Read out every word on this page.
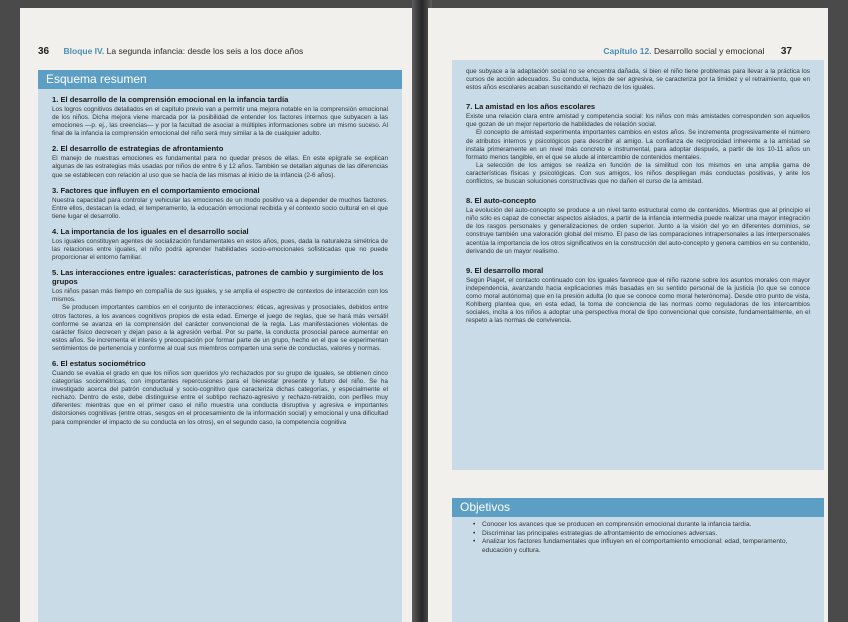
36 Bloque IV. La segunda infancia: desde los seis a los doce años
Esquema resumen
1. El desarrollo de la comprensión emocional en la infancia tardía

Los logros cognitivos detallados en el capítulo previo van a permitir una mejora notable en la comprensión emocional de los niños. Dicha mejora viene marcada por la posibilidad de entender los factores internos que subyacen a las emociones —p. ej., las creencias— y por la facultad de asociar a múltiples informaciones sobre un mismo suceso. Al final de la infancia la comprensión emocional del niño será muy similar a la de cualquier adulto.

2. El desarrollo de estrategias de afrontamiento

El manejo de nuestras emociones es fundamental para no quedar presos de ellas. En este epígrafe se explican algunas de las estrategias más usadas por niños de entre 6 y 12 años. También se detallan algunas de las diferencias que se establecen con relación al uso que se hacía de las mismas al inicio de la infancia (2-6 años).

3. Factores que influyen en el comportamiento emocional

Nuestra capacidad para controlar y vehicular las emociones de un modo positivo va a depender de muchos factores. Entre ellos, destacan la edad, el temperamento, la educación emocional recibida y el contexto socio cultural en el que tiene lugar el desarrollo.

4. La importancia de los iguales en el desarrollo social

Los iguales constituyen agentes de socialización fundamentales en estos años, pues, dada la naturaleza simétrica de las relaciones entre iguales, el niño podrá aprender habilidades socio-emocionales sofisticadas que no puede proporcionar el entorno familiar.

5. Las interacciones entre iguales: características, patrones de cambio y surgimiento de los grupos

Los niños pasan más tiempo en compañía de sus iguales, y se amplía el espectro de contextos de interacción con los mismos.

Se producen importantes cambios en el conjunto de interacciones: éticas, agresivas y prosociales, debidos entre otros factores, a los avances cognitivos propios de esta edad. Emerge el juego de reglas, que se hará más versátil conforme se avanza en la comprensión del carácter convencional de la regla. Las manifestaciones violentas de carácter físico decrecen y dejan paso a la agresión verbal. Por su parte, la conducta prosocial parece aumentar en estos años. Se incrementa el interés y preocupación por formar parte de un grupo, hecho en el que se experimentan sentimientos de pertenencia y conforme al cual sus miembros comparten una serie de conductas, valores y normas.

6. El estatus sociométrico

Cuando se evalúa el grado en que los niños son queridos y/o rechazados por su grupo de iguales, se obtienen cinco categorías sociométricas, con importantes repercusiones para el bienestar presente y futuro del niño. Se ha investigado acerca del patrón conductual y socio-cognitivo que caracteriza dichas categorías, y especialmente el rechazo. Dentro de este, debe distinguirse entre el subtipo rechazo-agresivo y rechazo-retraído, con perfiles muy diferentes: mientras que en el primer caso el niño muestra una conducta disruptiva y agresiva e importantes distorsiones cognitivas (entre otras, sesgos en el procesamiento de la información social) y emocional y una dificultad para comprender el impacto de su conducta en los otros), en el segundo caso, la competencia cognitiva

Capítulo 12. Desarrollo social y emocional 37

que subyace a la adaptación social no se encuentra dañada, si bien el niño tiene problemas para llevar a la práctica los cursos de acción adecuados. Su conducta, lejos de ser agresiva, se caracteriza por la timidez y el retraimiento, que en estos años escolares acaban suscitando el rechazo de los iguales.

7. La amistad en los años escolares

Existe una relación clara entre amistad y competencia social: los niños con más amistades corresponden son aquellos que gozan de un mejor repertorio de habilidades de relación social.

El concepto de amistad experimenta importantes cambios en estos años. Se incrementa progresivamente el número de atributos internos y psicológicos para describir al amigo. La confianza de reciprocidad inherente a la amistad se instala primeramente en un nivel más concreto e instrumental, para adoptar después, a partir de los 10-11 años un formato menos tangible, en el que se alude al intercambio de contenidos mentales.

La selección de los amigos se realiza en función de la similitud con los mismos en una amplia gama de características físicas y psicológicas. Con sus amigos, los niños despliegan más conductas positivas, y ante los conflictos, se buscan soluciones constructivas que no dañen el curso de la amistad.

8. El auto-concepto

La evolución del auto-concepto se produce a un nivel tanto estructural como de contenidos. Mientras que al principio el niño sólo es capaz de conectar aspectos aislados, a partir de la infancia intermedia puede realizar una mayor integración de los rasgos personales y generalizaciones de orden superior. Junto a la visión del yo en diferentes dominios, se construye también una valoración global del mismo. El paso de las comparaciones intrapersonales a las interpersonales acentúa la importancia de los otros significativos en la construcción del auto-concepto y genera cambios en su contenido, derivando de un mayor realismo.

9. El desarrollo moral

Según Piaget, el contacto continuado con los iguales favorece que el niño razone sobre los asuntos morales con mayor independencia, avanzando hacia explicaciones más basadas en su sentido personal de la justicia (lo que se conoce como moral autónoma) que en la presión adulta (lo que se conoce como moral heterónoma). Desde otro punto de vista, Kohlberg plantea que, en esta edad, la toma de conciencia de las normas como reguladoras de los intercambios sociales, incita a los niños a adoptar una perspectiva moral de tipo convencional que consiste, fundamentalmente, en el respeto a las normas de convivencia.

Objetivos
• Conocer los avances que se producen en comprensión emocional durante la infancia tardía.
• Discriminar las principales estrategias de afrontamiento de emociones adversas.
• Analizar los factores fundamentales que influyen en el comportamiento emocional: edad, temperamento, educación y cultura.
